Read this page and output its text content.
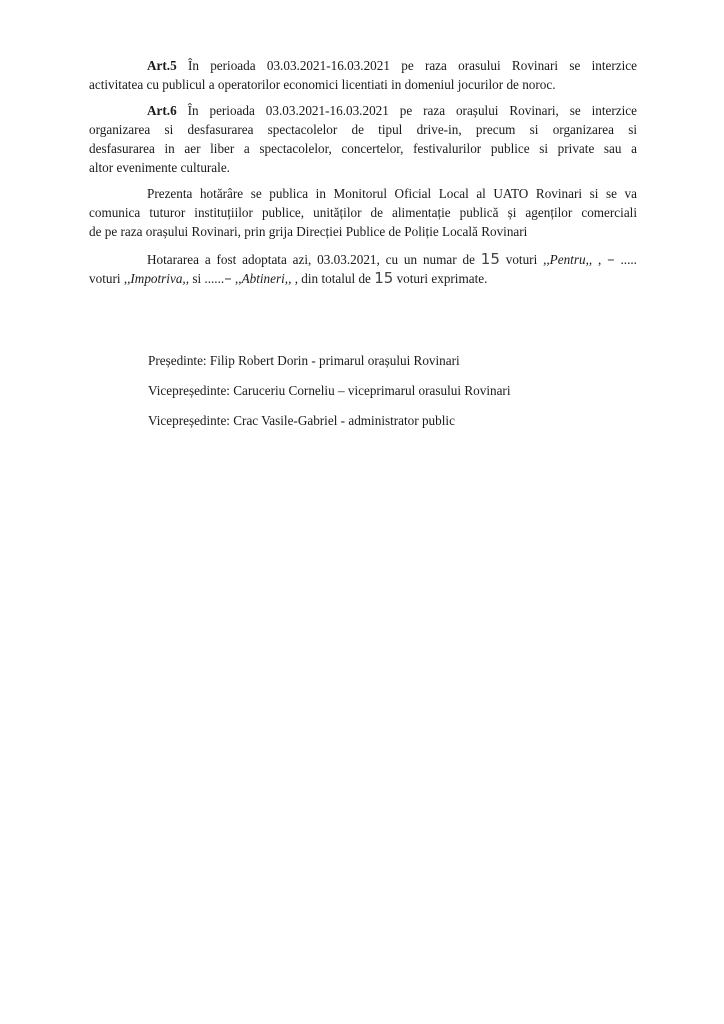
Art.5 În perioada 03.03.2021-16.03.2021 pe raza orasului Rovinari se interzice
activitatea cu publicul a operatorilor economici licentiati in domeniul jocurilor de noroc.
Art.6 În perioada 03.03.2021-16.03.2021 pe raza orașului Rovinari, se interzice
organizarea si desfasurarea spectacolelor de tipul drive-in, precum si organizarea si
desfasurarea in aer liber a spectacolelor, concertelor, festivalurilor publice si private sau a
altor evenimente culturale.
Prezenta hotărâre se publica in Monitorul Oficial Local al UATO Rovinari si se va
comunica tuturor instituțiilor publice, unităților de alimentație publică și agenților comerciali
de pe raza orașului Rovinari, prin grija Direcției Publice de Poliție Locală Rovinari
Hotararea a fost adoptata azi, 03.03.2021, cu un numar de 15 voturi ,,Pentru,, , – .....
voturi ,,Impotriva,, si ......– ,,Abtineri,, , din totalul de 15 voturi exprimate.
Președinte: Filip Robert Dorin - primarul orașului Rovinari
Vicepreședinte: Caruceriu Corneliu – viceprimarul orasului Rovinari
Vicepreședinte: Crac Vasile-Gabriel - administrator public
